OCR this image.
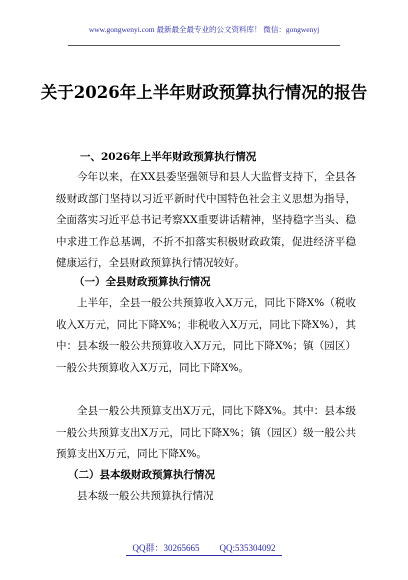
www.gongwenyi.com 最新最全最专业的公文资料库！ 微信：gongwenyj
关于2026年上半年财政预算执行情况的报告
一、2026年上半年财政预算执行情况
今年以来，在XX县委坚强领导和县人大监督支持下，全县各级财政部门坚持以习近平新时代中国特色社会主义思想为指导，全面落实习近平总书记考察XX重要讲话精神，坚持稳字当头、稳中求进工作总基调，不折不扣落实积极财政政策，促进经济平稳健康运行，全县财政预算执行情况较好。
（一）全县财政预算执行情况
上半年，全县一般公共预算收入X万元，同比下降X%（税收收入X万元，同比下降X%；非税收入X万元，同比下降X%），其中：县本级一般公共预算收入X万元，同比下降X%；镇（园区）一般公共预算收入X万元，同比下降X%。
全县一般公共预算支出X万元，同比下降X%。其中：县本级一般公共预算支出X万元，同比下降X%；镇（园区）级一般公共预算支出X万元，同比下降X%。
（二）县本级财政预算执行情况
县本级一般公共预算执行情况
QQ群：30265665 QQ:535304092
